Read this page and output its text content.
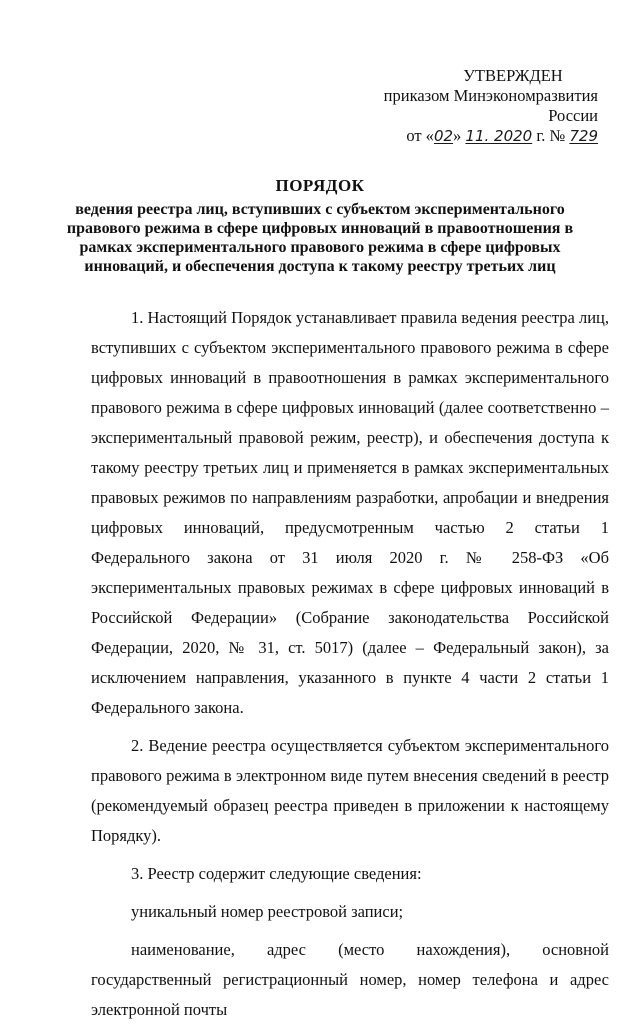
УТВЕРЖДЕН
приказом Минэкономразвития России
от «02» 11. 2020 г. № 729
ПОРЯДОК
ведения реестра лиц, вступивших с субъектом экспериментального правового режима в сфере цифровых инноваций в правоотношения в рамках экспериментального правового режима в сфере цифровых инноваций, и обеспечения доступа к такому реестру третьих лиц

1. Настоящий Порядок устанавливает правила ведения реестра лиц, вступивших с субъектом экспериментального правового режима в сфере цифровых инноваций в правоотношения в рамках экспериментального правового режима в сфере цифровых инноваций (далее соответственно – экспериментальный правовой режим, реестр), и обеспечения доступа к такому реестру третьих лиц и применяется в рамках экспериментальных правовых режимов по направлениям разработки, апробации и внедрения цифровых инноваций, предусмотренным частью 2 статьи 1 Федерального закона от 31 июля 2020 г. № 258-ФЗ «Об экспериментальных правовых режимах в сфере цифровых инноваций в Российской Федерации» (Собрание законодательства Российской Федерации, 2020, № 31, ст. 5017) (далее – Федеральный закон), за исключением направления, указанного в пункте 4 части 2 статьи 1 Федерального закона.

2. Ведение реестра осуществляется субъектом экспериментального правового режима в электронном виде путем внесения сведений в реестр (рекомендуемый образец реестра приведен в приложении к настоящему Порядку).

3. Реестр содержит следующие сведения:

уникальный номер реестровой записи;

наименование, адрес (место нахождения), основной государственный регистрационный номер, номер телефона и адрес электронной почты
